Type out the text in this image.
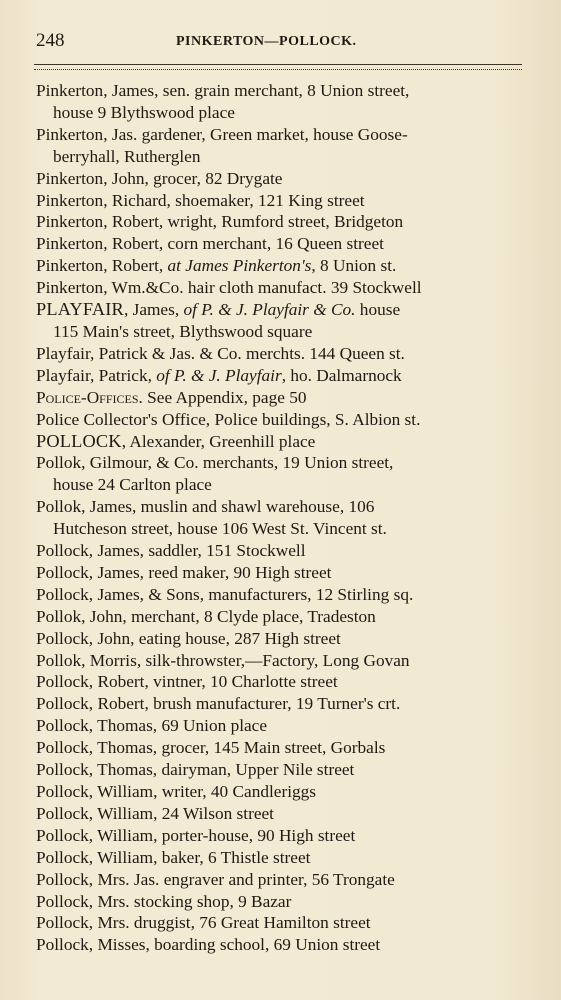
248	PINKERTON—POLLOCK.
Pinkerton, James, sen. grain merchant, 8 Union street,
house 9 Blythswood place
Pinkerton, Jas. gardener, Green market, house Goose-
berryhall, Rutherglen
Pinkerton, John, grocer, 82 Drygate
Pinkerton, Richard, shoemaker, 121 King street
Pinkerton, Robert, wright, Rumford street, Bridgeton
Pinkerton, Robert, corn merchant, 16 Queen street
Pinkerton, Robert, at James Pinkerton's, 8 Union st.
Pinkerton, Wm.&Co. hair cloth manufact. 39 Stockwell
PLAYFAIR, James, of P. & J. Playfair & Co. house
115 Main's street, Blythswood square
Playfair, Patrick & Jas. & Co. merchts. 144 Queen st.
Playfair, Patrick, of P. & J. Playfair, ho. Dalmarnock
Police-Offices. See Appendix, page 50
Police Collector's Office, Police buildings, S. Albion st.
POLLOCK, Alexander, Greenhill place
Pollok, Gilmour, & Co. merchants, 19 Union street,
house 24 Carlton place
Pollok, James, muslin and shawl warehouse, 106
Hutcheson street, house 106 West St. Vincent st.
Pollock, James, saddler, 151 Stockwell
Pollock, James, reed maker, 90 High street
Pollock, James, & Sons, manufacturers, 12 Stirling sq.
Pollok, John, merchant, 8 Clyde place, Tradeston
Pollock, John, eating house, 287 High street
Pollok, Morris, silk-throwster,—Factory, Long Govan
Pollock, Robert, vintner, 10 Charlotte street
Pollock, Robert, brush manufacturer, 19 Turner's crt.
Pollock, Thomas, 69 Union place
Pollock, Thomas, grocer, 145 Main street, Gorbals
Pollock, Thomas, dairyman, Upper Nile street
Pollock, William, writer, 40 Candleriggs
Pollock, William, 24 Wilson street
Pollock, William, porter-house, 90 High street
Pollock, William, baker, 6 Thistle street
Pollock, Mrs. Jas. engraver and printer, 56 Trongate
Pollock, Mrs. stocking shop, 9 Bazar
Pollock, Mrs. druggist, 76 Great Hamilton street
Pollock, Misses, boarding school, 69 Union street
